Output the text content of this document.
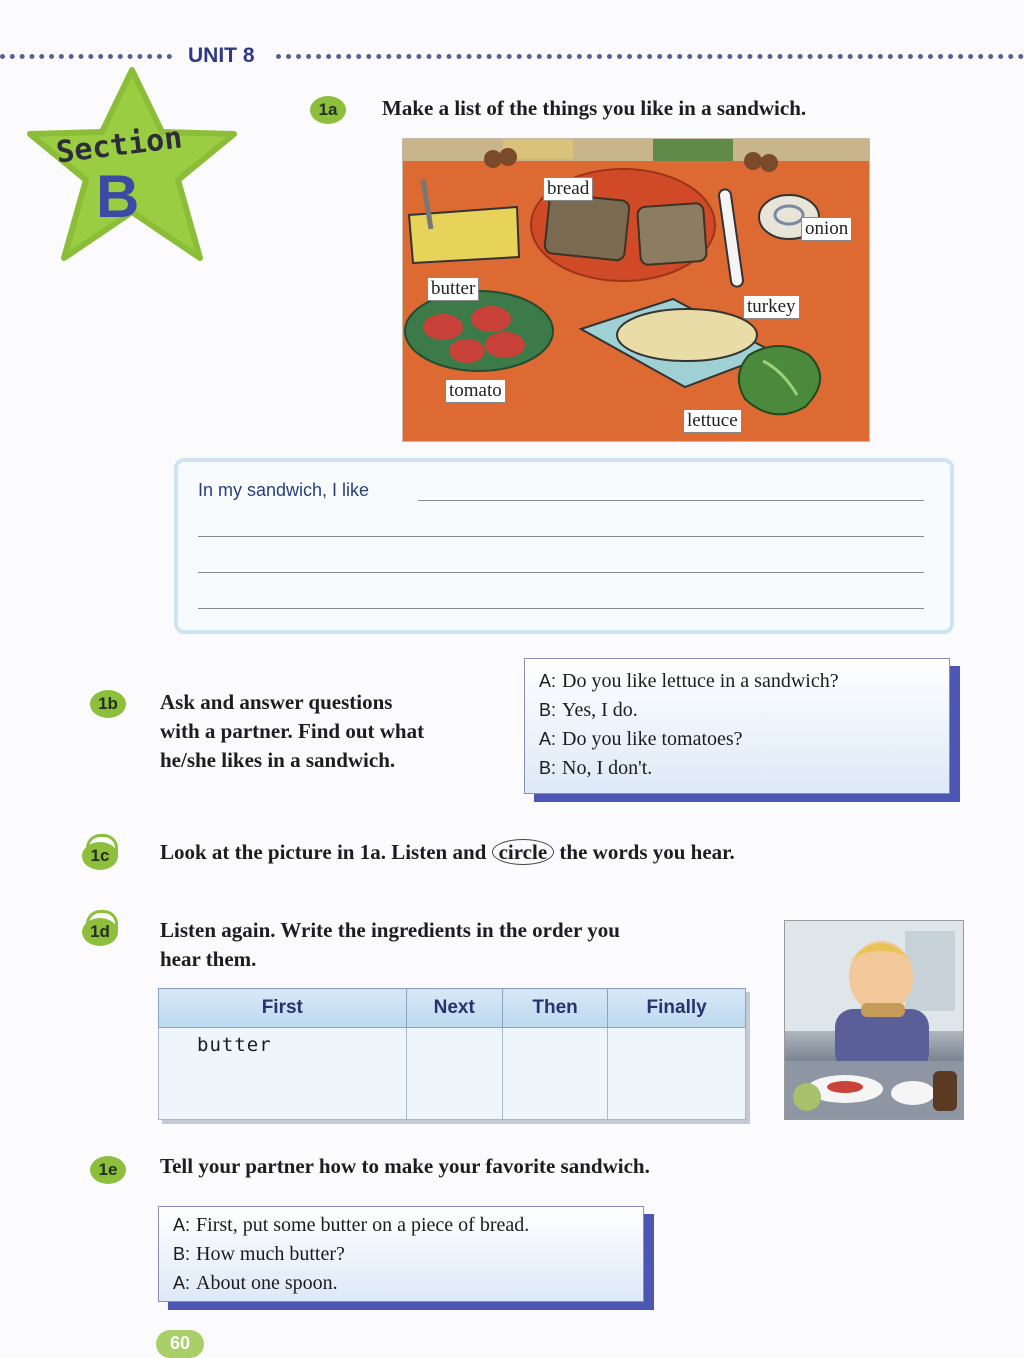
UNIT 8
Section
B
1a	Make a list of the things you like in a sandwich.
bread
onion
butter
turkey
tomato
lettuce
In my sandwich, I like
1b	Ask and answer questions
with a partner. Find out what
he/she likes in a sandwich.
A: Do you like lettuce in a sandwich?
B: Yes, I do.
A: Do you like tomatoes?
B: No, I don't.
1c	Look at the picture in 1a. Listen and circle the words you hear.
1d	Listen again. Write the ingredients in the order you
hear them.
First	Next	Then	Finally
butter			
1e	Tell your partner how to make your favorite sandwich.
A: First, put some butter on a piece of bread.
B: How much butter?
A: About one spoon.
60
